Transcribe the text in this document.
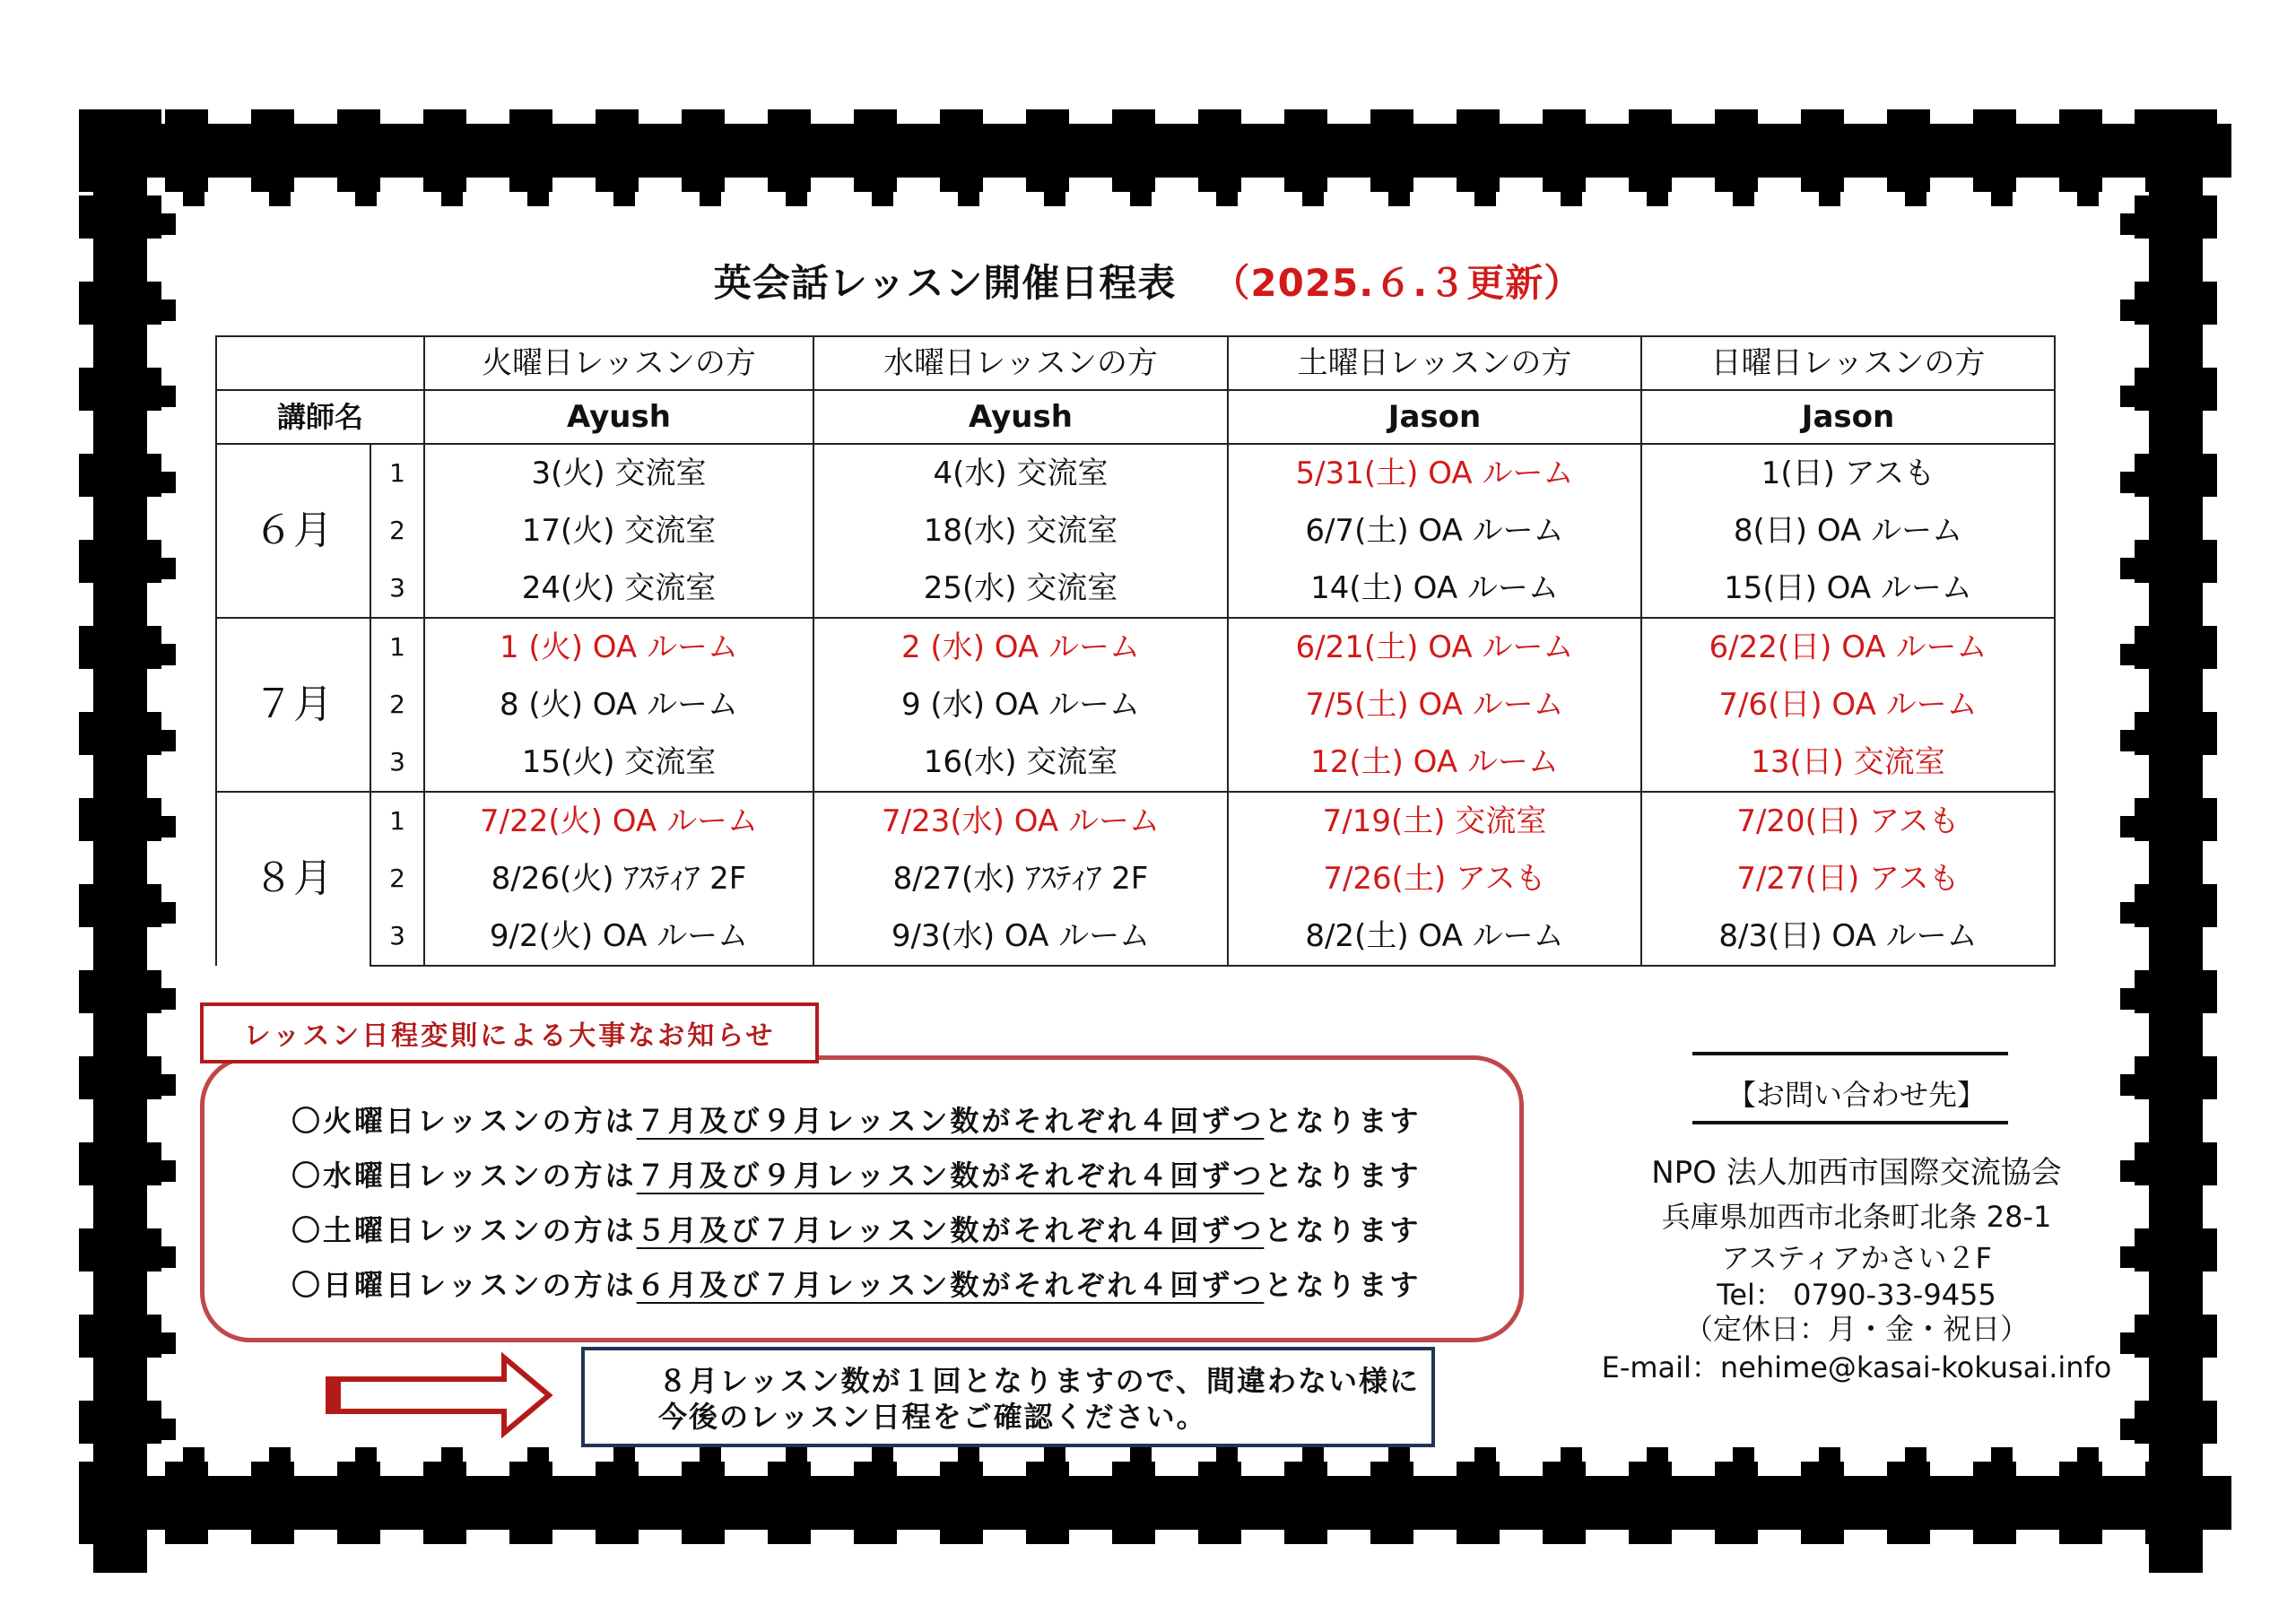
英会話レッスン開催日程表 （2025.６.３更新）
		火曜日レッスンの方	水曜日レッスンの方	土曜日レッスンの方	日曜日レッスンの方
講師名		Ayush	Ayush	Jason	Jason
６月	1	3(火) 交流室	4(水) 交流室	5/31(土) OA ルーム	1(日) アスも
	2	17(火) 交流室	18(水) 交流室	6/7(土) OA ルーム	8(日) OA ルーム
	3	24(火) 交流室	25(水) 交流室	14(土) OA ルーム	15(日) OA ルーム
７月	1	1 (火) OA ルーム	2 (水) OA ルーム	6/21(土) OA ルーム	6/22(日) OA ルーム
	2	8 (火) OA ルーム	9 (水) OA ルーム	7/5(土) OA ルーム	7/6(日) OA ルーム
	3	15(火) 交流室	16(水) 交流室	12(土) OA ルーム	13(日) 交流室
８月	1	7/22(火) OA ルーム	7/23(水) OA ルーム	7/19(土) 交流室	7/20(日) アスも
	2	8/26(火) ｱｽﾃｨｱ 2F	8/27(水) ｱｽﾃｨｱ 2F	7/26(土) アスも	7/27(日) アスも
	3	9/2(火) OA ルーム	9/3(水) OA ルーム	8/2(土) OA ルーム	8/3(日) OA ルーム
レッスン日程変則による大事なお知らせ
〇火曜日レッスンの方は７月及び９月レッスン数がそれぞれ４回ずつとなります
〇水曜日レッスンの方は７月及び９月レッスン数がそれぞれ４回ずつとなります
〇土曜日レッスンの方は５月及び７月レッスン数がそれぞれ４回ずつとなります
〇日曜日レッスンの方は６月及び７月レッスン数がそれぞれ４回ずつとなります
８月レッスン数が１回となりますので、間違わない様に
今後のレッスン日程をご確認ください。
【お問い合わせ先】
NPO 法人加西市国際交流協会
兵庫県加西市北条町北条 28-1
アスティアかさい２F
Tel： 0790-33-9455
（定休日：月・金・祝日）
E-mail：nehime@kasai-kokusai.info
